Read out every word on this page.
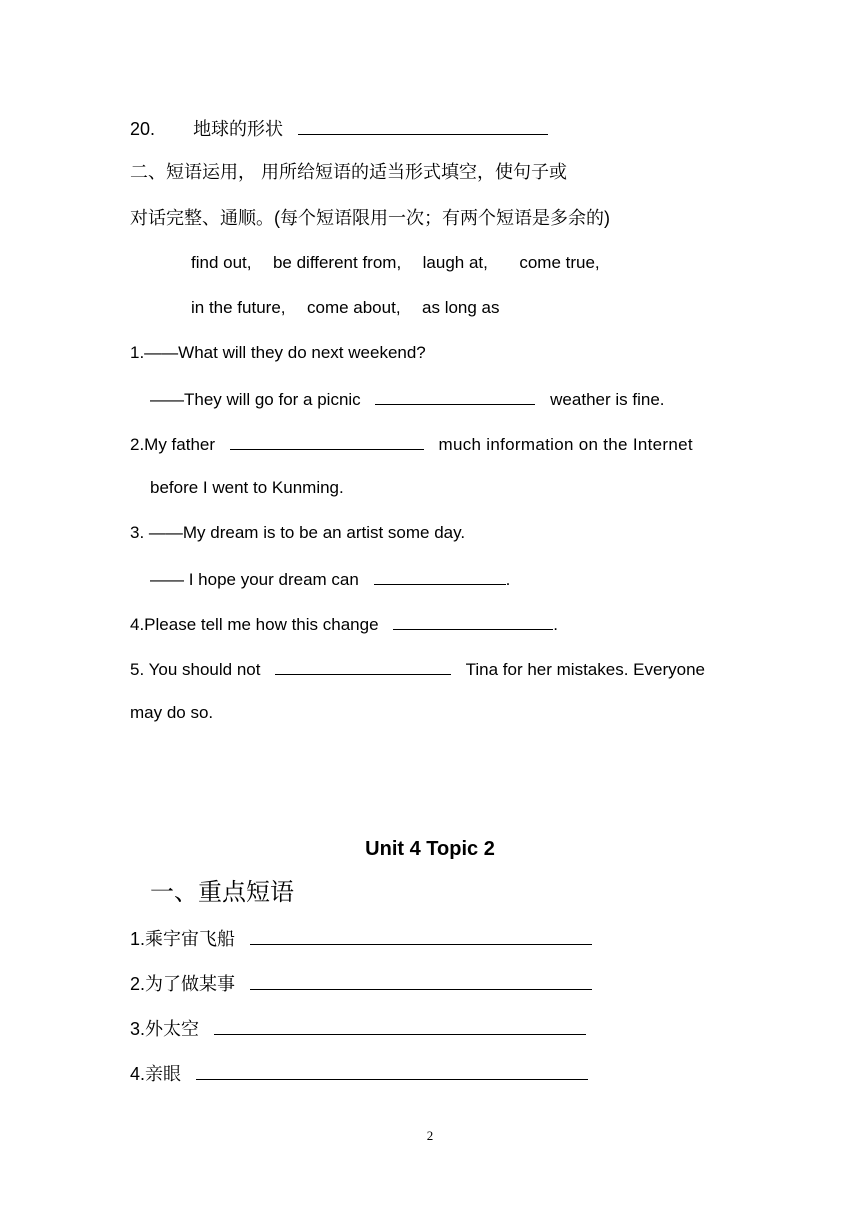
20. 地球的形状
二、短语运用， 用所给短语的适当形式填空，使句子或
对话完整、通顺。(每个短语限用一次；有两个短语是多余的)
find out, be different from, laugh at, come true,
in the future, come about, as long as
1.——What will they do next weekend?
——They will go for a picnic	weather is fine.
2.My father	much information on the Internet
before I went to Kunming.
3. ——My dream is to be an artist some day.
—— I hope your dream can	.
4.Please tell me how this change	.
5. You should not	Tina for her mistakes. Everyone
may do so.
Unit 4 Topic 2
一、重点短语
1.乘宇宙飞船
2.为了做某事
3.外太空
4.亲眼
2
